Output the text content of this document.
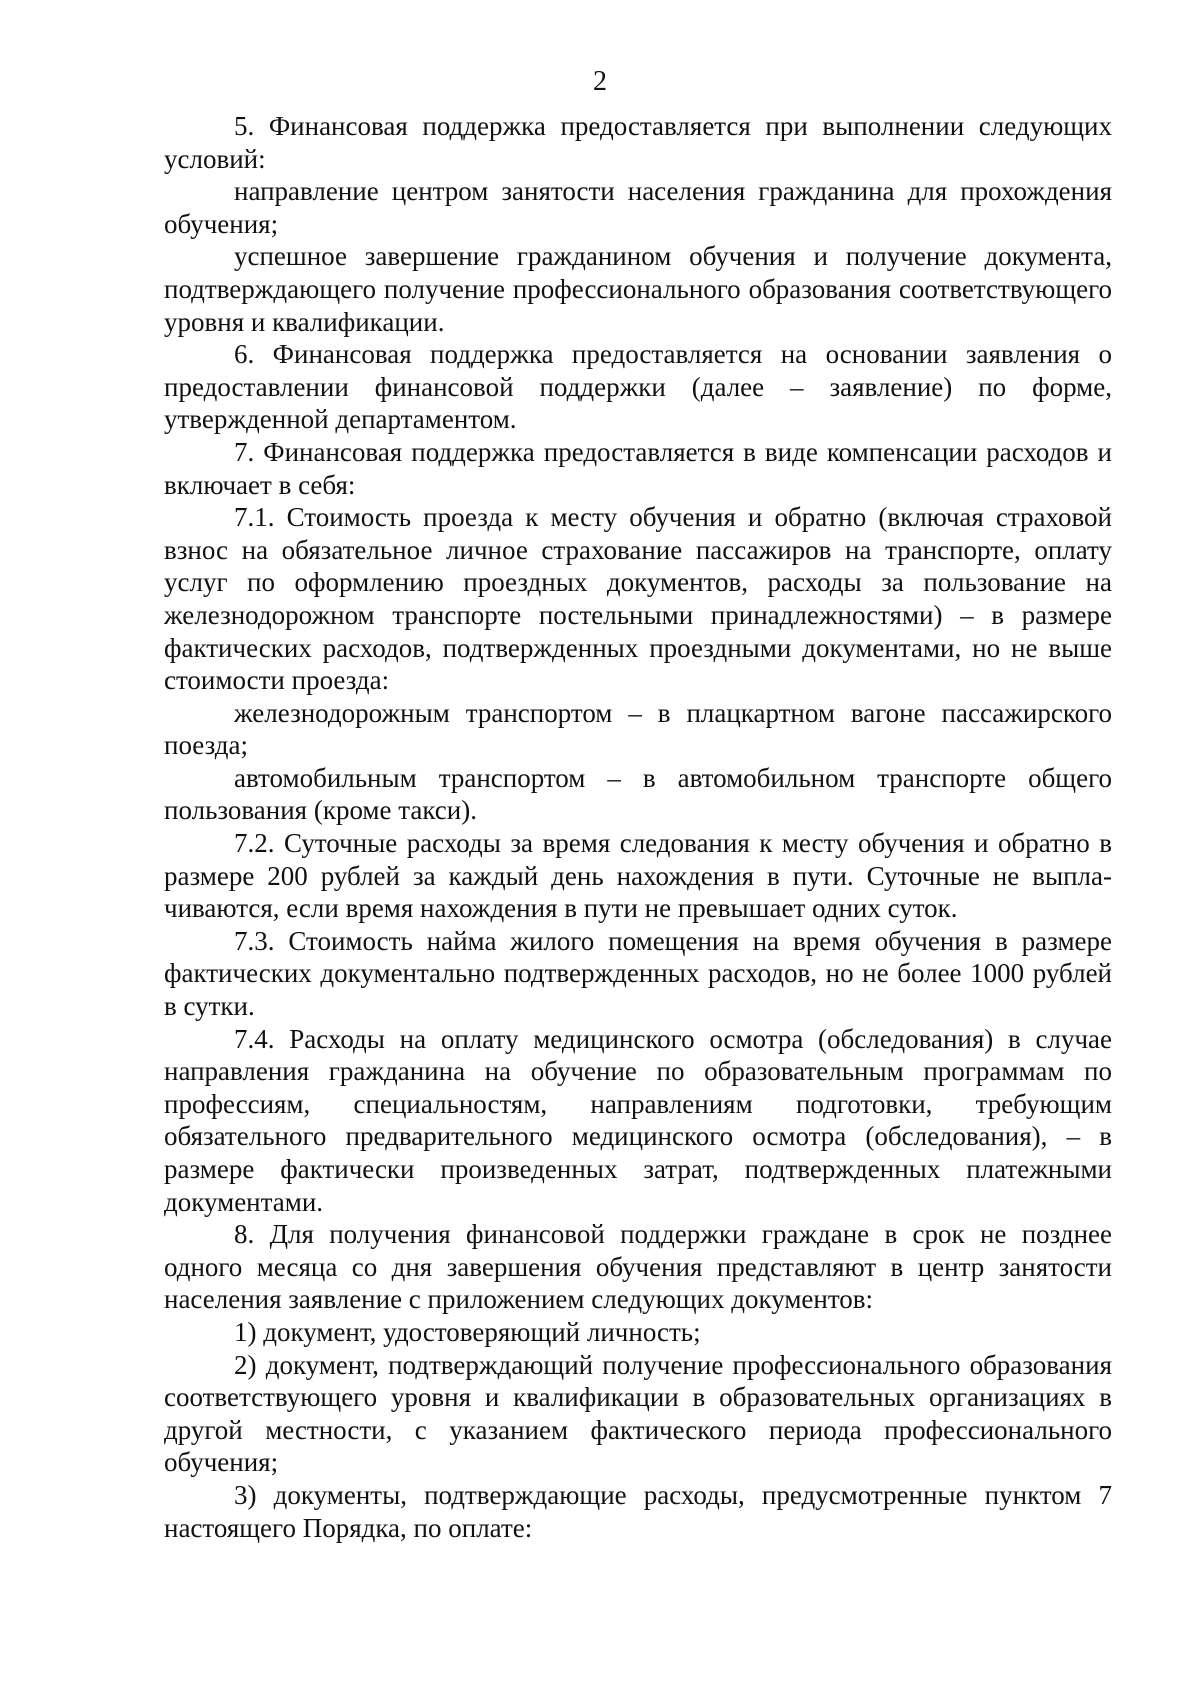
2

5. Финансовая поддержка предоставляется при выполнении следующих условий:

направление центром занятости населения гражданина для прохождения обучения;

успешное завершение гражданином обучения и получение документа, подтверждающего получение профессионального образования соответствующего уровня и квалификации.

6. Финансовая поддержка предоставляется на основании заявления о предоставлении финансовой поддержки (далее – заявление) по форме, утвержденной департаментом.

7. Финансовая поддержка предоставляется в виде компенсации расходов и включает в себя:

7.1. Стоимость проезда к месту обучения и обратно (включая страховой взнос на обязательное личное страхование пассажиров на транспорте, оплату услуг по оформлению проездных документов, расходы за пользование на железнодорожном транспорте постельными принадлежностями) – в размере фактических расходов, подтвержденных проездными документами, но не выше стоимости проезда:

железнодорожным транспортом – в плацкартном вагоне пассажирского поезда;

автомобильным транспортом – в автомобильном транспорте общего пользования (кроме такси).

7.2. Суточные расходы за время следования к месту обучения и обратно в размере 200 рублей за каждый день нахождения в пути. Суточные не выплачиваются, если время нахождения в пути не превышает одних суток.

7.3. Стоимость найма жилого помещения на время обучения в размере фактических документально подтвержденных расходов, но не более 1000 рублей в сутки.

7.4. Расходы на оплату медицинского осмотра (обследования) в случае направления гражданина на обучение по образовательным программам по профессиям, специальностям, направлениям подготовки, требующим обязательного предварительного медицинского осмотра (обследования), – в размере фактически произведенных затрат, подтвержденных платежными документами.

8. Для получения финансовой поддержки граждане в срок не позднее одного месяца со дня завершения обучения представляют в центр занятости населения заявление с приложением следующих документов:

1) документ, удостоверяющий личность;

2) документ, подтверждающий получение профессионального образования соответствующего уровня и квалификации в образовательных организациях в другой местности, с указанием фактического периода профессионального обучения;

3) документы, подтверждающие расходы, предусмотренные пунктом 7 настоящего Порядка, по оплате:
